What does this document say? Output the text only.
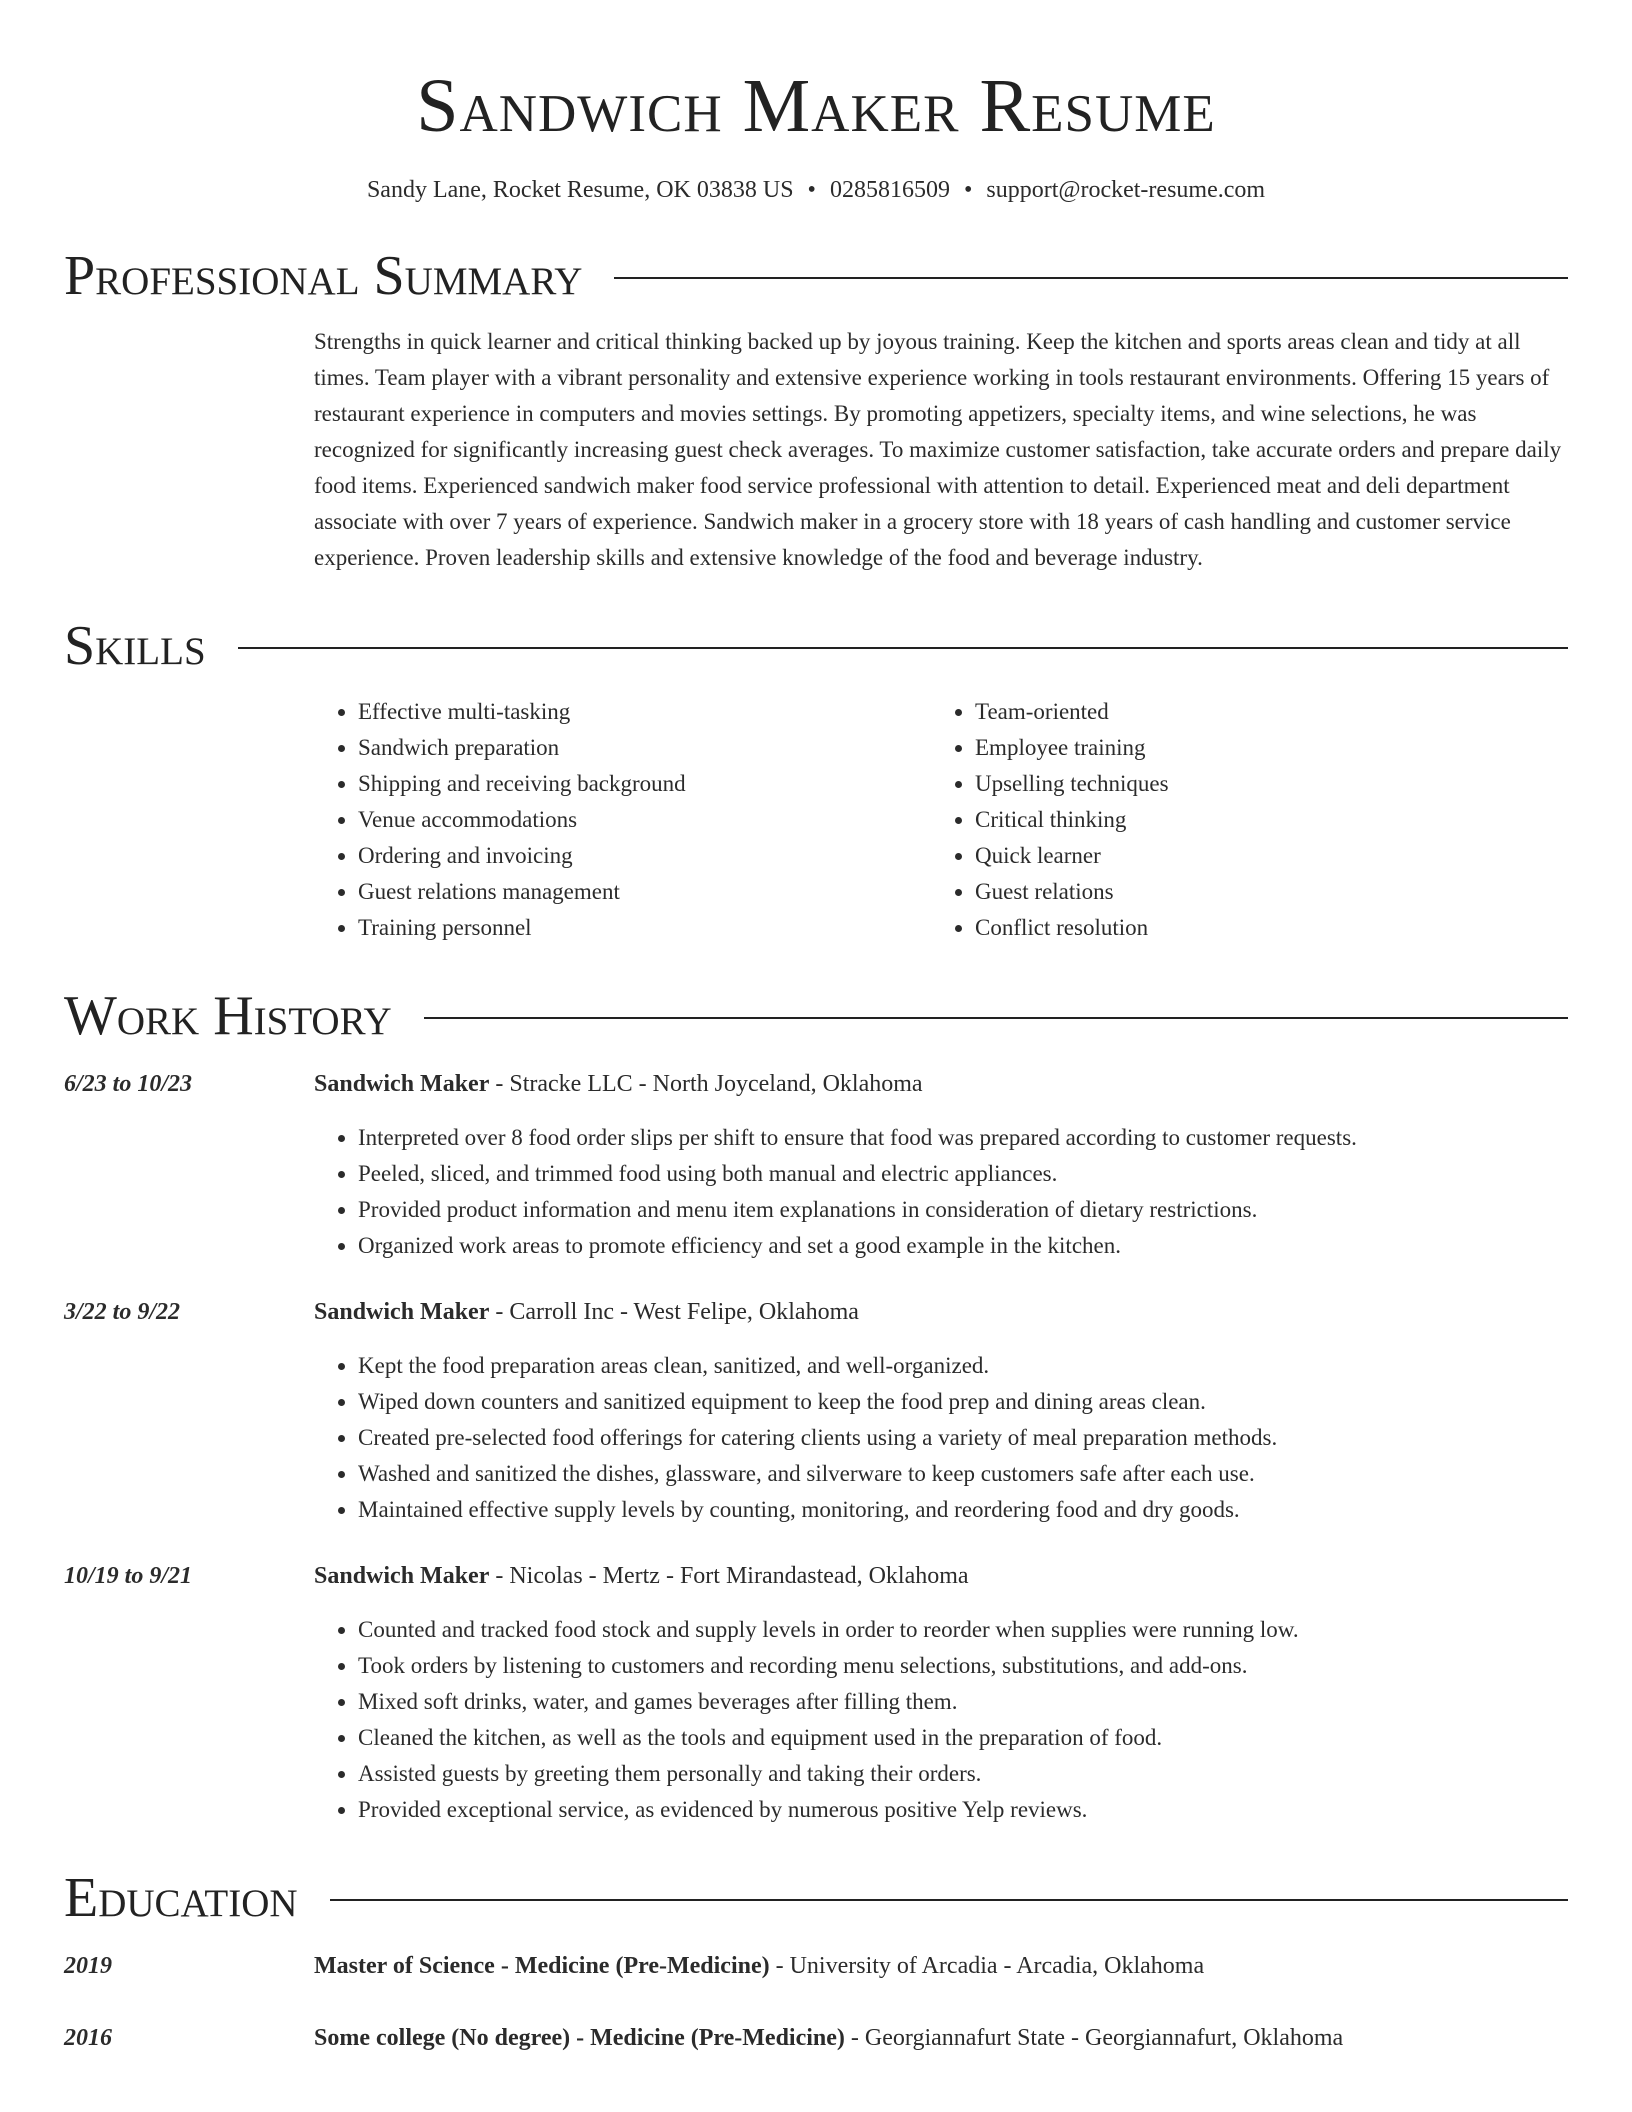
Sandwich Maker Resume
Sandy Lane, Rocket Resume, OK 03838 US • 0285816509 • support@rocket-resume.com
Professional Summary
Strengths in quick learner and critical thinking backed up by joyous training. Keep the kitchen and sports areas clean and tidy at all times. Team player with a vibrant personality and extensive experience working in tools restaurant environments. Offering 15 years of restaurant experience in computers and movies settings. By promoting appetizers, specialty items, and wine selections, he was recognized for significantly increasing guest check averages. To maximize customer satisfaction, take accurate orders and prepare daily food items. Experienced sandwich maker food service professional with attention to detail. Experienced meat and deli department associate with over 7 years of experience. Sandwich maker in a grocery store with 18 years of cash handling and customer service experience. Proven leadership skills and extensive knowledge of the food and beverage industry.
Skills
• Effective multi-tasking
• Sandwich preparation
• Shipping and receiving background
• Venue accommodations
• Ordering and invoicing
• Guest relations management
• Training personnel
• Team-oriented
• Employee training
• Upselling techniques
• Critical thinking
• Quick learner
• Guest relations
• Conflict resolution
Work History
6/23 to 10/23	Sandwich Maker - Stracke LLC - North Joyceland, Oklahoma
• Interpreted over 8 food order slips per shift to ensure that food was prepared according to customer requests.
• Peeled, sliced, and trimmed food using both manual and electric appliances.
• Provided product information and menu item explanations in consideration of dietary restrictions.
• Organized work areas to promote efficiency and set a good example in the kitchen.
3/22 to 9/22	Sandwich Maker - Carroll Inc - West Felipe, Oklahoma
• Kept the food preparation areas clean, sanitized, and well-organized.
• Wiped down counters and sanitized equipment to keep the food prep and dining areas clean.
• Created pre-selected food offerings for catering clients using a variety of meal preparation methods.
• Washed and sanitized the dishes, glassware, and silverware to keep customers safe after each use.
• Maintained effective supply levels by counting, monitoring, and reordering food and dry goods.
10/19 to 9/21	Sandwich Maker - Nicolas - Mertz - Fort Mirandastead, Oklahoma
• Counted and tracked food stock and supply levels in order to reorder when supplies were running low.
• Took orders by listening to customers and recording menu selections, substitutions, and add-ons.
• Mixed soft drinks, water, and games beverages after filling them.
• Cleaned the kitchen, as well as the tools and equipment used in the preparation of food.
• Assisted guests by greeting them personally and taking their orders.
• Provided exceptional service, as evidenced by numerous positive Yelp reviews.
Education
2019	Master of Science - Medicine (Pre-Medicine) - University of Arcadia - Arcadia, Oklahoma
2016	Some college (No degree) - Medicine (Pre-Medicine) - Georgiannafurt State - Georgiannafurt, Oklahoma
